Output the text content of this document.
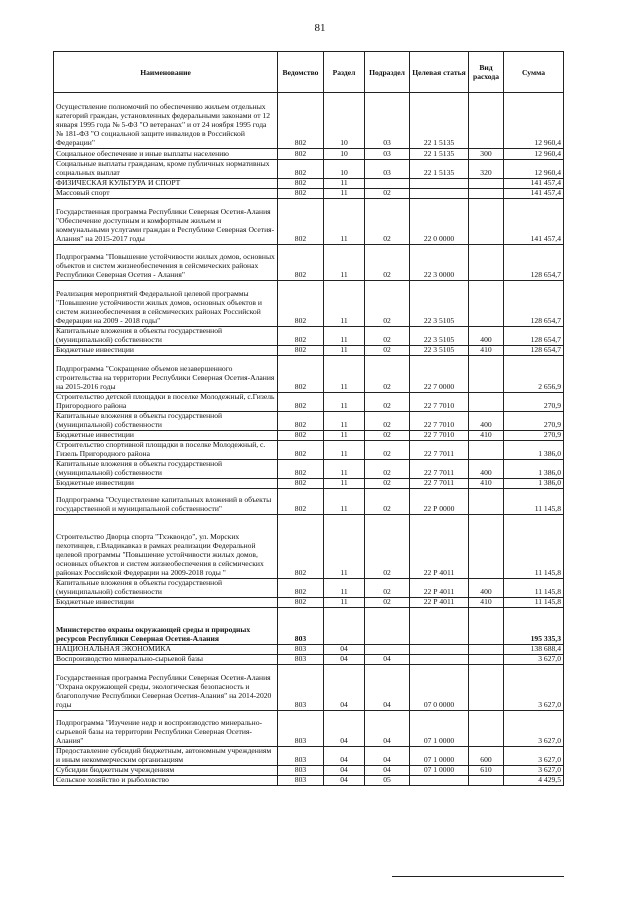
81
Наименование	Ведомство	Раздел	Подраздел	Целевая статья	Вид расхода	Сумма
Осуществление полномочий по обеспечению жильем отдельных категорий граждан, установленных федеральными законами от 12 января 1995 года № 5-ФЗ "О ветеранах" и от 24 ноября 1995 года № 181-ФЗ "О социальной защите инвалидов в Российской Федерации"	802	10	03	22 1 5135		12 960,4
Социальное обеспечение и иные выплаты населению	802	10	03	22 1 5135	300	12 960,4
Социальные выплаты гражданам, кроме публичных нормативных социальных выплат	802	10	03	22 1 5135	320	12 960,4
ФИЗИЧЕСКАЯ КУЛЬТУРА И СПОРТ	802	11				141 457,4
Массовый спорт	802	11	02			141 457,4
Государственная программа Республики Северная Осетия-Алания "Обеспечение доступным и комфортным жильем и коммунальными услугами граждан в Республике Северная Осетия-Алания" на 2015-2017 годы	802	11	02	22 0 0000		141 457,4
Подпрограмма "Повышение устойчивости жилых домов, основных объектов и систем жизнеобеспечения в сейсмических районах Республики Северная Осетия - Алания"	802	11	02	22 3 0000		128 654,7
Реализация мероприятий Федеральной целевой программы "Повышение устойчивости жилых домов, основных объектов и систем жизнеобеспечения в сейсмических районах Российской Федерации на 2009 - 2018 годы"	802	11	02	22 3 5105		128 654,7
Капитальные вложения в объекты государственной (муниципальной) собственности	802	11	02	22 3 5105	400	128 654,7
Бюджетные инвестиции	802	11	02	22 3 5105	410	128 654,7
Подпрограмма "Сокращение объемов незавершенного строительства на территории Республики Северная Осетия-Алания на 2015-2016 годы	802	11	02	22 7 0000		2 656,9
Строительство детской площадки в поселке Молодежный, с.Гизель Пригородного района	802	11	02	22 7 7010		270,9
Капитальные вложения в объекты государственной (муниципальной) собственности	802	11	02	22 7 7010	400	270,9
Бюджетные инвестиции	802	11	02	22 7 7010	410	270,9
Строительство спортивной площадки в поселке Молодежный, с. Гизель Пригородного района	802	11	02	22 7 7011		1 386,0
Капитальные вложения в объекты государственной (муниципальной) собственности	802	11	02	22 7 7011	400	1 386,0
Бюджетные инвестиции	802	11	02	22 7 7011	410	1 386,0
Подпрограмма "Осуществление капитальных вложений в объекты государственной и муниципальной собственности"	802	11	02	22 Р 0000		11 145,8
Строительство Дворца спорта "Тхэквондо", ул. Морских пехотинцев, г.Владикавказ в рамках реализации Федеральной целевой программы "Повышение устойчивости жилых домов, основных объектов и систем жизнеобеспечения в сейсмических районах Российской Федерации на 2009-2018 годы "	802	11	02	22 Р 4011		11 145,8
Капитальные вложения в объекты государственной (муниципальной) собственности	802	11	02	22 Р 4011	400	11 145,8
Бюджетные инвестиции	802	11	02	22 Р 4011	410	11 145,8
Министерство охраны окружающей среды и природных ресурсов Республики Северная Осетия-Алания	803					195 335,3
НАЦИОНАЛЬНАЯ ЭКОНОМИКА	803	04				138 688,4
Воспроизводство минерально-сырьевой базы	803	04	04			3 627,0
Государственная программа Республики Северная Осетия-Алания "Охрана окружающей среды, экологическая безопасность и благополучие Республики Северная Осетия-Алания" на 2014-2020 годы	803	04	04	07 0 0000		3 627,0
Подпрограмма "Изучение недр и воспроизводство минерально-сырьевой базы на территории Республики Северная Осетия-Алания"	803	04	04	07 1 0000		3 627,0
Предоставление субсидий бюджетным, автономным учреждениям и иным некоммерческим организациям	803	04	04	07 1 0000	600	3 627,0
Субсидии бюджетным учреждениям	803	04	04	07 1 0000	610	3 627,0
Сельское хозяйство и рыболовство	803	04	05			4 429,5
